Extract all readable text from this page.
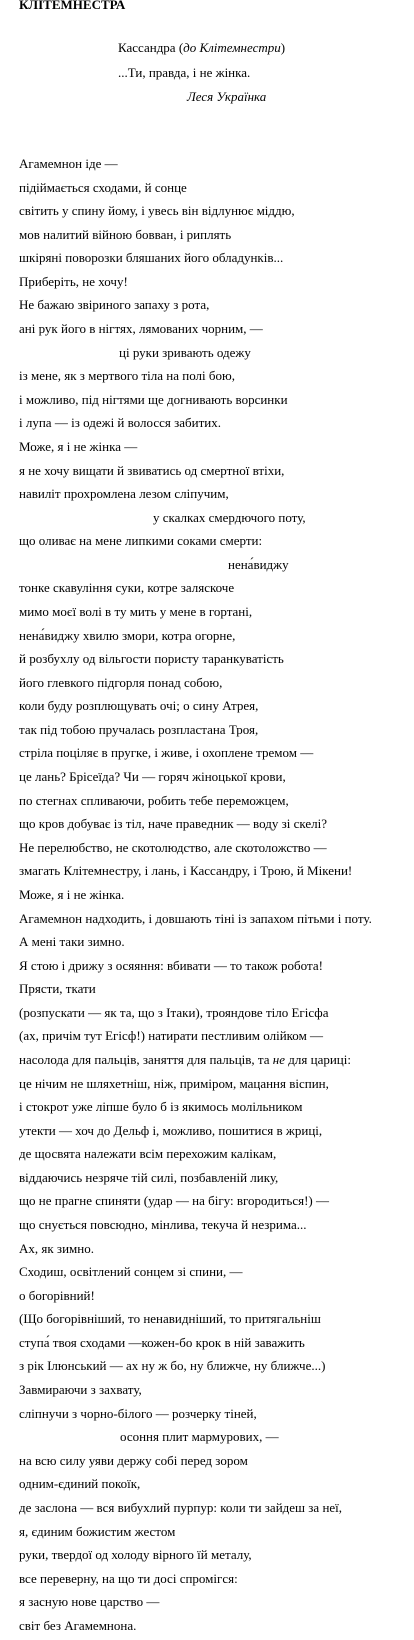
КЛІТЕМНЕСТРА
Кассандра (до Клітемнестри)
...Ти, правда, і не жінка.
Леся Українка
Агамемнон іде —
підіймається сходами, й сонце
світить у спину йому, і увесь він відлунює міддю,
мов налитий війною бовван, і риплять
шкіряні поворозки бляшаних його обладунків...
Приберіть, не хочу!
Не бажаю звіриного запаху з рота,
ані рук його в нігтях, лямованих чорним, —
ці руки зривають одежу
із мене, як з мертвого тіла на полі бою,
і можливо, під нігтями ще догнивають ворсинки
і лупа — із одежі й волосся забитих.
Може, я і не жінка —
я не хочу вищати й звиватись од смертної втіхи,
навиліт прохромлена лезом сліпучим,
у скалках смердючого поту,
що оливає на мене липкими соками смерти:
нена́виджу
тонке скавуління суки, котре заляскоче
мимо моєї волі в ту мить у мене в гортані,
нена́виджу хвилю змори, котра огорне,
й розбухлу од вільгости пористу таранкуватість
його глевкого підгорля понад собою,
коли буду розплющувать очі; о сину Атрея,
так під тобою пручалась розпластана Троя,
стріла поціляє в пругке, і живе, і охоплене тремом —
це лань? Брісеїда? Чи — горяч жіноцької крови,
по стегнах спливаючи, робить тебе переможцем,
що кров добуває із тіл, наче праведник — воду зі скелі?
Не перелюбство, не скотолюдство, але скотоложство —
змагать Клітемнестру, і лань, і Кассандру, і Трою, й Мікени!
Може, я і не жінка.
Агамемнон надходить, і довшають тіні із запахом пітьми і поту.
А мені таки зимно.
Я стою і дрижу з осяяння: вбивати — то також робота!
Прясти, ткати
(розпускати — як та, що з Ітаки), трояндове тіло Егісфа
(ах, причім тут Егісф!) натирати пестливим олійком —
насолода для пальців, заняття для пальців, та не для цариці:
це нічим не шляхетніш, ніж, приміром, мацання віспин,
і стокрот уже ліпше було б із якимось молільником
утекти — хоч до Дельф і, можливо, пошитися в жриці,
де щосвята належати всім перехожим калікам,
віддаючись незряче тій силі, позбавленій лику,
що не прагне спиняти (удар — на бігу: вгородиться!) —
що снується повсюдно, мінлива, текуча й незрима...
Ах, як зимно.
Сходиш, освітлений сонцем зі спини, —
о богорівний!
(Що богорівніший, то ненавидніший, то притягальніш
ступа́ твоя сходами —кожен-бо крок в ній заважить
з рік Ілюнський — ах ну ж бо, ну ближче, ну ближче...)
Завмираючи з захвату,
сліпнучи з чорно-білого — розчерку тіней,
осоння плит мармурових, —
на всю силу уяви держу собі перед зором
одним-єдиний покоїк,
де заслона — вся вибухлий пурпур: коли ти зайдеш за неї,
я, єдиним божистим жестом
руки, твердої од холоду вірного їй металу,
все переверну, на що ти досі спромігся:
я засную нове царство —
світ без Агамемнона.
